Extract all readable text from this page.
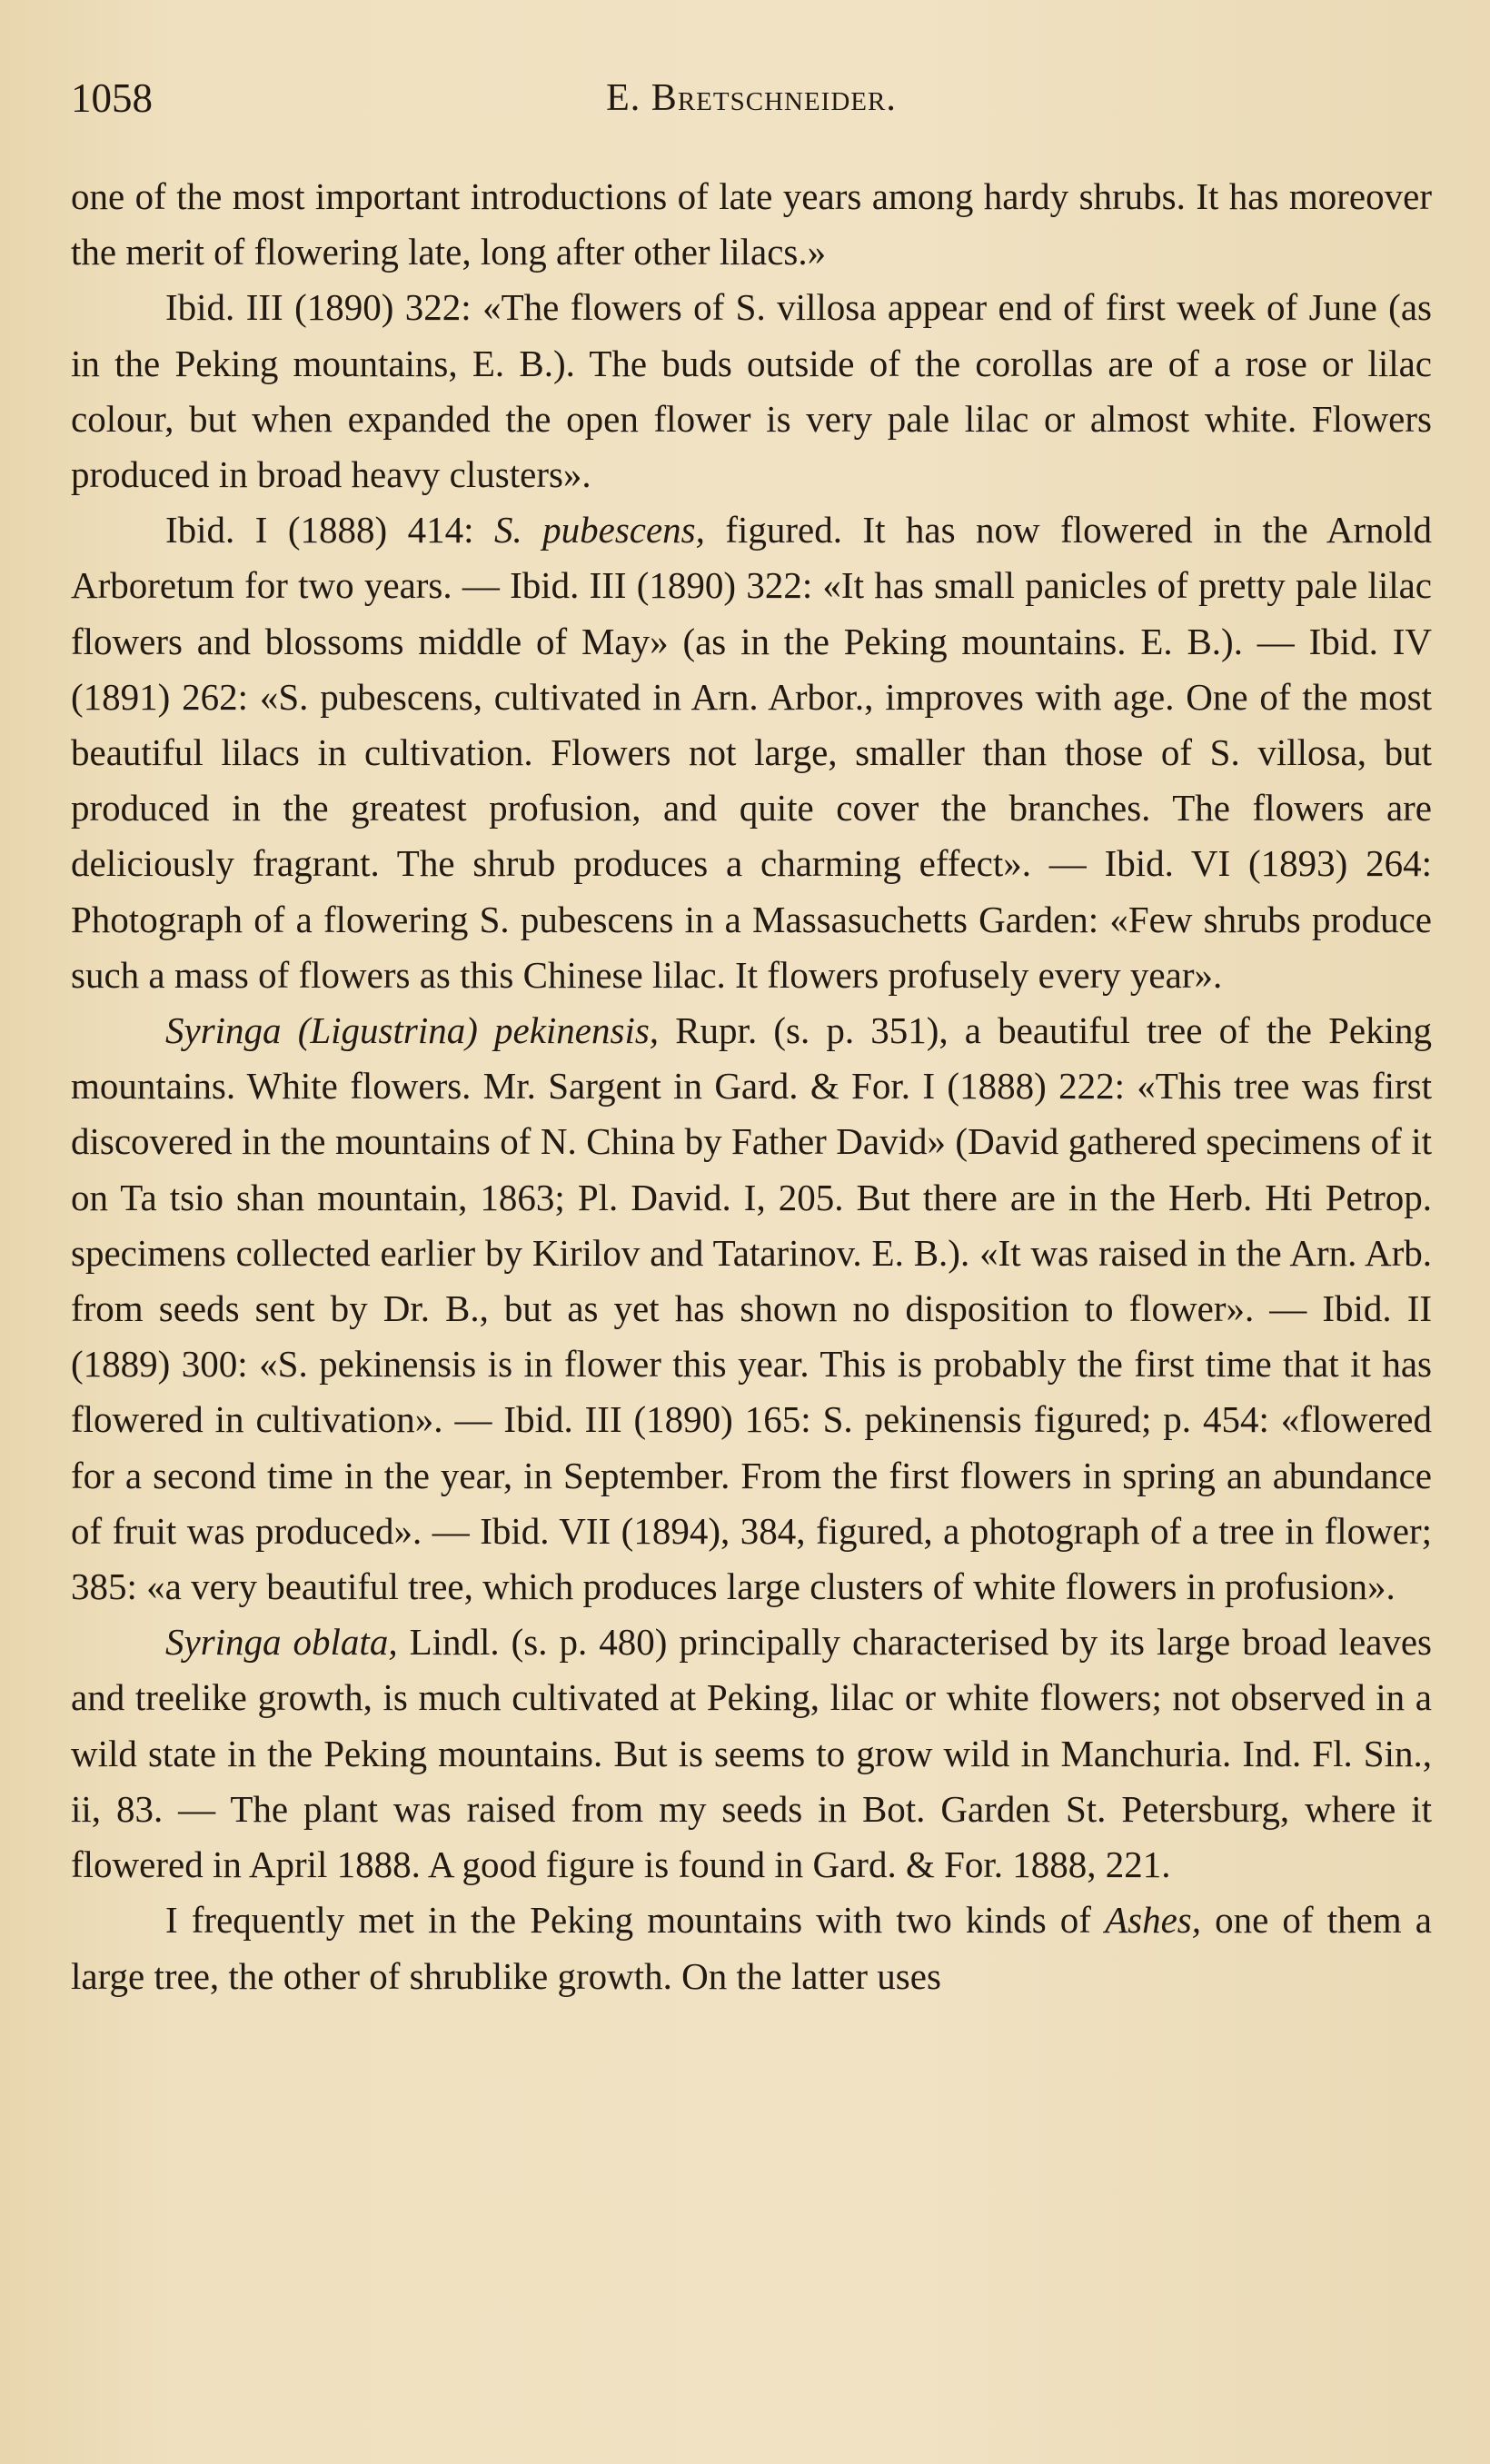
1058	E. Bretschneider.

one of the most important introductions of late years among hardy shrubs. It has moreover the merit of flowering late, long after other lilacs.»

Ibid. III (1890) 322: «The flowers of S. villosa appear end of first week of June (as in the Peking mountains, E. B.). The buds outside of the corollas are of a rose or lilac colour, but when expanded the open flower is very pale lilac or almost white. Flowers produced in broad heavy clusters».

Ibid. I (1888) 414: S. pubescens, figured. It has now flowered in the Arnold Arboretum for two years. — Ibid. III (1890) 322: «It has small panicles of pretty pale lilac flowers and blossoms middle of May» (as in the Peking mountains. E. B.). — Ibid. IV (1891) 262: «S. pubescens, cultivated in Arn. Arbor., improves with age. One of the most beautiful lilacs in cultivation. Flowers not large, smaller than those of S. villosa, but produced in the greatest profusion, and quite cover the branches. The flowers are deliciously fragrant. The shrub produces a charming effect». — Ibid. VI (1893) 264: Photograph of a flowering S. pubescens in a Massasuchetts Garden: «Few shrubs produce such a mass of flowers as this Chinese lilac. It flowers profusely every year».

Syringa (Ligustrina) pekinensis, Rupr. (s. p. 351), a beautiful tree of the Peking mountains. White flowers. Mr. Sargent in Gard. & For. I (1888) 222: «This tree was first discovered in the mountains of N. China by Father David» (David gathered specimens of it on Ta tsio shan mountain, 1863; Pl. David. I, 205. But there are in the Herb. Hti Petrop. specimens collected earlier by Kirilov and Tatarinov. E. B.). «It was raised in the Arn. Arb. from seeds sent by Dr. B., but as yet has shown no disposition to flower». — Ibid. II (1889) 300: «S. pekinensis is in flower this year. This is probably the first time that it has flowered in cultivation». — Ibid. III (1890) 165: S. pekinensis figured; p. 454: «flowered for a second time in the year, in September. From the first flowers in spring an abundance of fruit was produced». — Ibid. VII (1894), 384, figured, a photograph of a tree in flower; 385: «a very beautiful tree, which produces large clusters of white flowers in profusion».

Syringa oblata, Lindl. (s. p. 480) principally characterised by its large broad leaves and treelike growth, is much cultivated at Peking, lilac or white flowers; not observed in a wild state in the Peking mountains. But is seems to grow wild in Manchuria. Ind. Fl. Sin., ii, 83. — The plant was raised from my seeds in Bot. Garden St. Petersburg, where it flowered in April 1888. A good figure is found in Gard. & For. 1888, 221.

I frequently met in the Peking mountains with two kinds of Ashes, one of them a large tree, the other of shrublike growth. On the latter uses
